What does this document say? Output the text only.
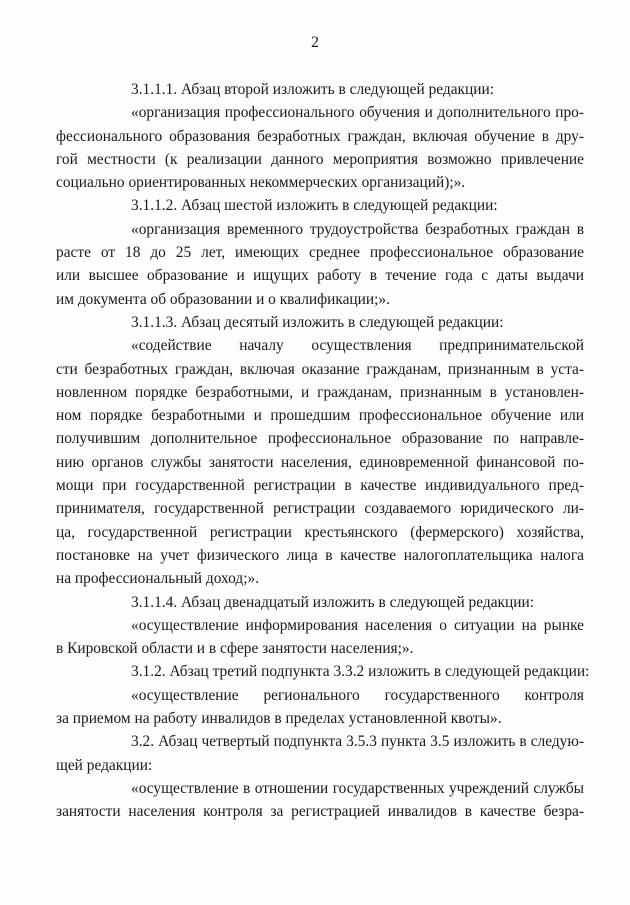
2
3.1.1.1. Абзац второй изложить в следующей редакции:
«организация профессионального обучения и дополнительного про-
фессионального образования безработных граждан, включая обучение в дру-
гой местности (к реализации данного мероприятия возможно привлечение
социально ориентированных некоммерческих организаций);».
3.1.1.2. Абзац шестой изложить в следующей редакции:
«организация временного трудоустройства безработных граждан в
расте от 18 до 25 лет, имеющих среднее профессиональное образование
или высшее образование и ищущих работу в течение года с даты выдачи
им документа об образовании и о квалификации;».
3.1.1.3. Абзац десятый изложить в следующей редакции:
«содействие началу осуществления предпринимательской
сти безработных граждан, включая оказание гражданам, признанным в уста-
новленном порядке безработными, и гражданам, признанным в установлен-
ном порядке безработными и прошедшим профессиональное обучение или
получившим дополнительное профессиональное образование по направле-
нию органов службы занятости населения, единовременной финансовой по-
мощи при государственной регистрации в качестве индивидуального пред-
принимателя, государственной регистрации создаваемого юридического ли-
ца, государственной регистрации крестьянского (фермерского) хозяйства,
постановке на учет физического лица в качестве налогоплательщика налога
на профессиональный доход;».
3.1.1.4. Абзац двенадцатый изложить в следующей редакции:
«осуществление информирования населения о ситуации на рынке
в Кировской области и в сфере занятости населения;».
3.1.2. Абзац третий подпункта 3.3.2 изложить в следующей редакции:
«осуществление регионального государственного контроля
за приемом на работу инвалидов в пределах установленной квоты».
3.2. Абзац четвертый подпункта 3.5.3 пункта 3.5 изложить в следую-
щей редакции:
«осуществление в отношении государственных учреждений службы
занятости населения контроля за регистрацией инвалидов в качестве безра-
